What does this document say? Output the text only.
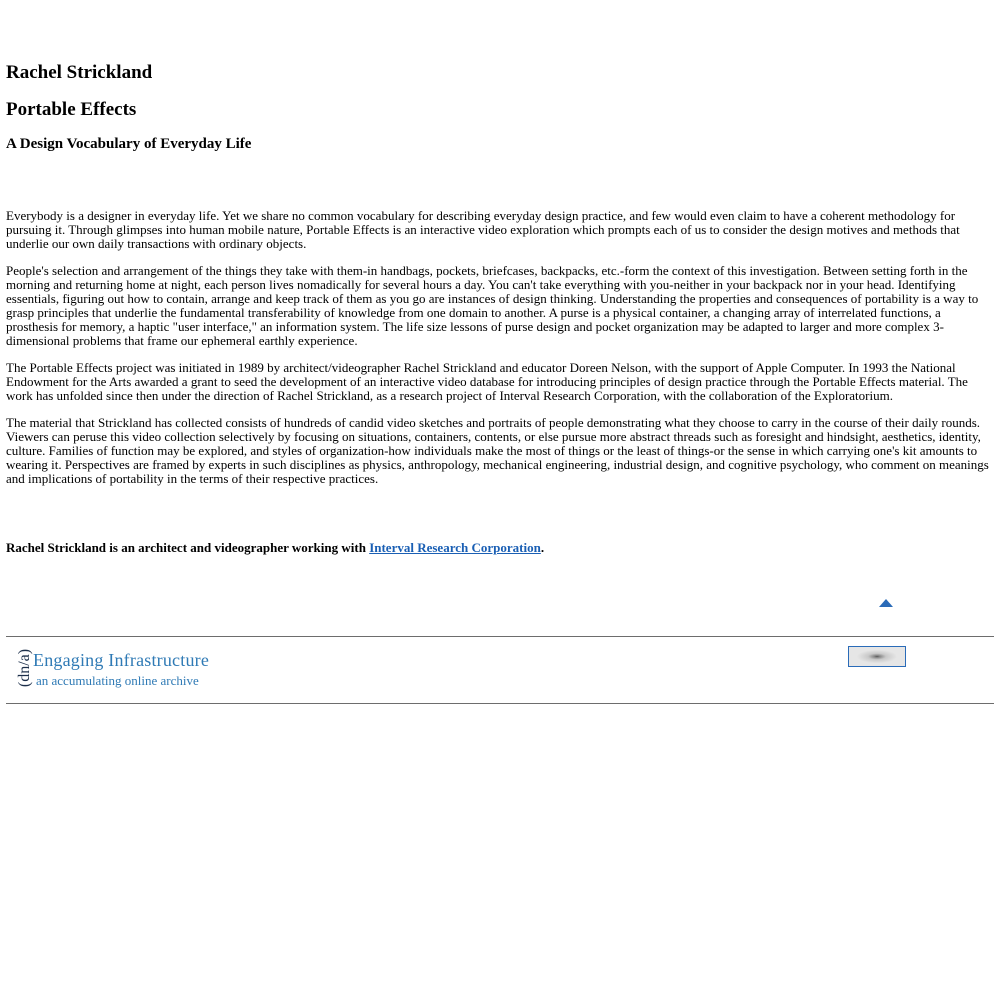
Rachel Strickland
Portable Effects
A Design Vocabulary of Everyday Life

Everybody is a designer in everyday life. Yet we share no common vocabulary for describing everyday design practice, and few would even claim to have a coherent methodology for pursuing it. Through glimpses into human mobile nature, Portable Effects is an interactive video exploration which prompts each of us to consider the design motives and methods that underlie our own daily transactions with ordinary objects.

People's selection and arrangement of the things they take with them-in handbags, pockets, briefcases, backpacks, etc.-form the context of this investigation. Between setting forth in the morning and returning home at night, each person lives nomadically for several hours a day. You can't take everything with you-neither in your backpack nor in your head. Identifying essentials, figuring out how to contain, arrange and keep track of them as you go are instances of design thinking. Understanding the properties and consequences of portability is a way to grasp principles that underlie the fundamental transferability of knowledge from one domain to another. A purse is a physical container, a changing array of interrelated functions, a prosthesis for memory, a haptic "user interface," an information system. The life size lessons of purse design and pocket organization may be adapted to larger and more complex 3-dimensional problems that frame our ephemeral earthly experience.

The Portable Effects project was initiated in 1989 by architect/videographer Rachel Strickland and educator Doreen Nelson, with the support of Apple Computer. In 1993 the National Endowment for the Arts awarded a grant to seed the development of an interactive video database for introducing principles of design practice through the Portable Effects material. The work has unfolded since then under the direction of Rachel Strickland, as a research project of Interval Research Corporation, with the collaboration of the Exploratorium.

The material that Strickland has collected consists of hundreds of candid video sketches and portraits of people demonstrating what they choose to carry in the course of their daily rounds. Viewers can peruse this video collection selectively by focusing on situations, containers, contents, or else pursue more abstract threads such as foresight and hindsight, aesthetics, identity, culture. Families of function may be explored, and styles of organization-how individuals make the most of things or the least of things-or the sense in which carrying one's kit amounts to wearing it. Perspectives are framed by experts in such disciplines as physics, anthropology, mechanical engineering, industrial design, and cognitive psychology, who comment on meanings and implications of portability in the terms of their respective practices.

Rachel Strickland is an architect and videographer working with Interval Research Corporation.

(dn/a) Engaging Infrastructure
an accumulating online archive
